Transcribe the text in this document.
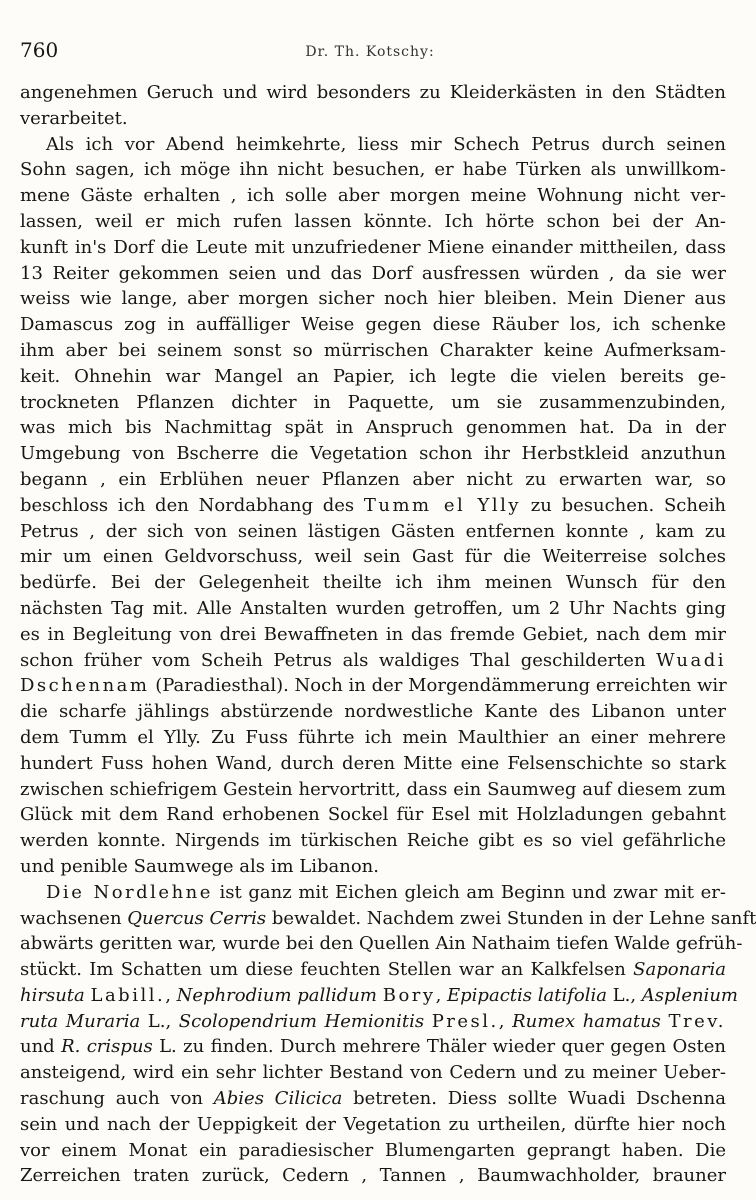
760	Dr. Th. Kotschy:
angenehmen Geruch und wird besonders zu Kleiderkästen in den Städten
verarbeitet.
Als ich vor Abend heimkehrte, liess mir Schech Petrus durch seinen
Sohn sagen, ich möge ihn nicht besuchen, er habe Türken als unwillkom-
mene Gäste erhalten , ich solle aber morgen meine Wohnung nicht ver-
lassen, weil er mich rufen lassen könnte. Ich hörte schon bei der An-
kunft in's Dorf die Leute mit unzufriedener Miene einander mittheilen, dass
13 Reiter gekommen seien und das Dorf ausfressen würden , da sie wer
weiss wie lange, aber morgen sicher noch hier bleiben. Mein Diener aus
Damascus zog in auffälliger Weise gegen diese Räuber los, ich schenke
ihm aber bei seinem sonst so mürrischen Charakter keine Aufmerksam-
keit. Ohnehin war Mangel an Papier, ich legte die vielen bereits ge-
trockneten Pflanzen dichter in Paquette, um sie zusammenzubinden,
was mich bis Nachmittag spät in Anspruch genommen hat. Da in der
Umgebung von Bscherre die Vegetation schon ihr Herbstkleid anzuthun
begann , ein Erblühen neuer Pflanzen aber nicht zu erwarten war, so
beschloss ich den Nordabhang des Tumm el Ylly zu besuchen. Scheih
Petrus , der sich von seinen lästigen Gästen entfernen konnte , kam zu
mir um einen Geldvorschuss, weil sein Gast für die Weiterreise solches
bedürfe. Bei der Gelegenheit theilte ich ihm meinen Wunsch für den
nächsten Tag mit. Alle Anstalten wurden getroffen, um 2 Uhr Nachts ging
es in Begleitung von drei Bewaffneten in das fremde Gebiet, nach dem mir
schon früher vom Scheih Petrus als waldiges Thal geschilderten Wuadi
Dschennam (Paradiesthal). Noch in der Morgendämmerung erreichten wir
die scharfe jählings abstürzende nordwestliche Kante des Libanon unter
dem Tumm el Ylly. Zu Fuss führte ich mein Maulthier an einer mehrere
hundert Fuss hohen Wand, durch deren Mitte eine Felsenschichte so stark
zwischen schiefrigem Gestein hervortritt, dass ein Saumweg auf diesem zum
Glück mit dem Rand erhobenen Sockel für Esel mit Holzladungen gebahnt
werden konnte. Nirgends im türkischen Reiche gibt es so viel gefährliche
und penible Saumwege als im Libanon.
Die Nordlehne ist ganz mit Eichen gleich am Beginn und zwar mit er-
wachsenen Quercus Cerris bewaldet. Nachdem zwei Stunden in der Lehne sanft
abwärts geritten war, wurde bei den Quellen Ain Nathaim tiefen Walde gefrüh-
stückt. Im Schatten um diese feuchten Stellen war an Kalkfelsen Saponaria
hirsuta Labill., Nephrodium pallidum Bory, Epipactis latifolia L., Asplenium
ruta Muraria L., Scolopendrium Hemionitis Presl., Rumex hamatus Trev.
und R. crispus L. zu finden. Durch mehrere Thäler wieder quer gegen Osten
ansteigend, wird ein sehr lichter Bestand von Cedern und zu meiner Ueber-
raschung auch von Abies Cilicica betreten. Diess sollte Wuadi Dschenna
sein und nach der Ueppigkeit der Vegetation zu urtheilen, dürfte hier noch
vor einem Monat ein paradiesischer Blumengarten geprangt haben. Die
Zerreichen traten zurück, Cedern , Tannen , Baumwachholder, brauner
